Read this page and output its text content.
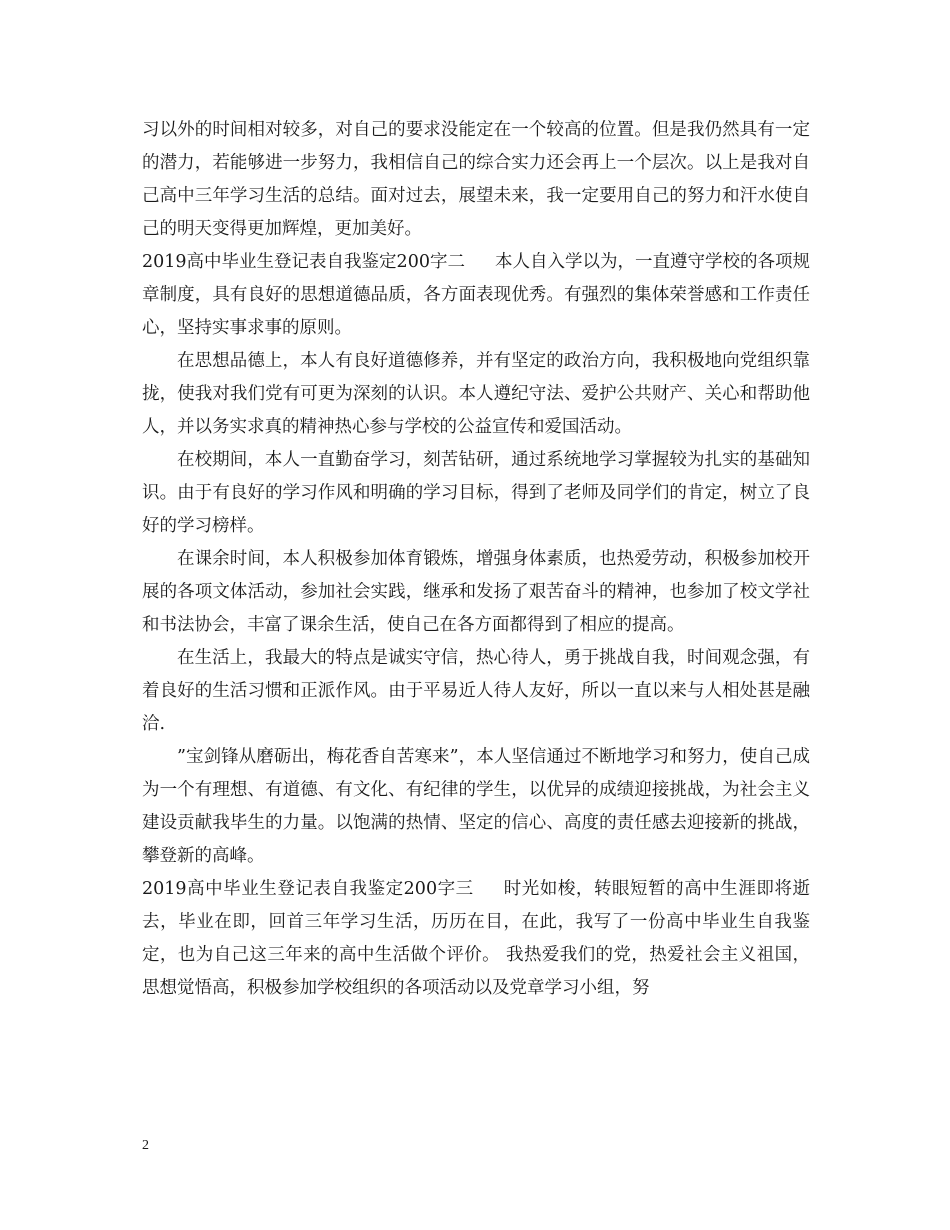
习以外的时间相对较多，对自己的要求没能定在一个较高的位置。但是我仍然具有一定的潜力，若能够进一步努力，我相信自己的综合实力还会再上一个层次。以上是我对自己高中三年学习生活的总结。面对过去，展望未来，我一定要用自己的努力和汗水使自己的明天变得更加辉煌，更加美好。

2019高中毕业生登记表自我鉴定200字二 本人自入学以为，一直遵守学校的各项规章制度，具有良好的思想道德品质，各方面表现优秀。有强烈的集体荣誉感和工作责任心，坚持实事求事的原则。

在思想品德上，本人有良好道德修养，并有坚定的政治方向，我积极地向党组织靠拢，使我对我们党有可更为深刻的认识。本人遵纪守法、爱护公共财产、关心和帮助他人，并以务实求真的精神热心参与学校的公益宣传和爱国活动。

在校期间，本人一直勤奋学习，刻苦钻研，通过系统地学习掌握较为扎实的基础知识。由于有良好的学习作风和明确的学习目标，得到了老师及同学们的肯定，树立了良好的学习榜样。

在课余时间，本人积极参加体育锻炼，增强身体素质，也热爱劳动，积极参加校开展的各项文体活动，参加社会实践，继承和发扬了艰苦奋斗的精神，也参加了校文学社和书法协会，丰富了课余生活，使自己在各方面都得到了相应的提高。

在生活上，我最大的特点是诚实守信，热心待人，勇于挑战自我，时间观念强，有着良好的生活习惯和正派作风。由于平易近人待人友好，所以一直以来与人相处甚是融洽.

”宝剑锋从磨砺出，梅花香自苦寒来”，本人坚信通过不断地学习和努力，使自己成为一个有理想、有道德、有文化、有纪律的学生，以优异的成绩迎接挑战，为社会主义建设贡献我毕生的力量。以饱满的热情、坚定的信心、高度的责任感去迎接新的挑战，攀登新的高峰。

2019高中毕业生登记表自我鉴定200字三 时光如梭，转眼短暂的高中生涯即将逝去，毕业在即，回首三年学习生活，历历在目，在此，我写了一份高中毕业生自我鉴定，也为自己这三年来的高中生活做个评价。 我热爱我们的党，热爱社会主义祖国，思想觉悟高，积极参加学校组织的各项活动以及党章学习小组，努

2
